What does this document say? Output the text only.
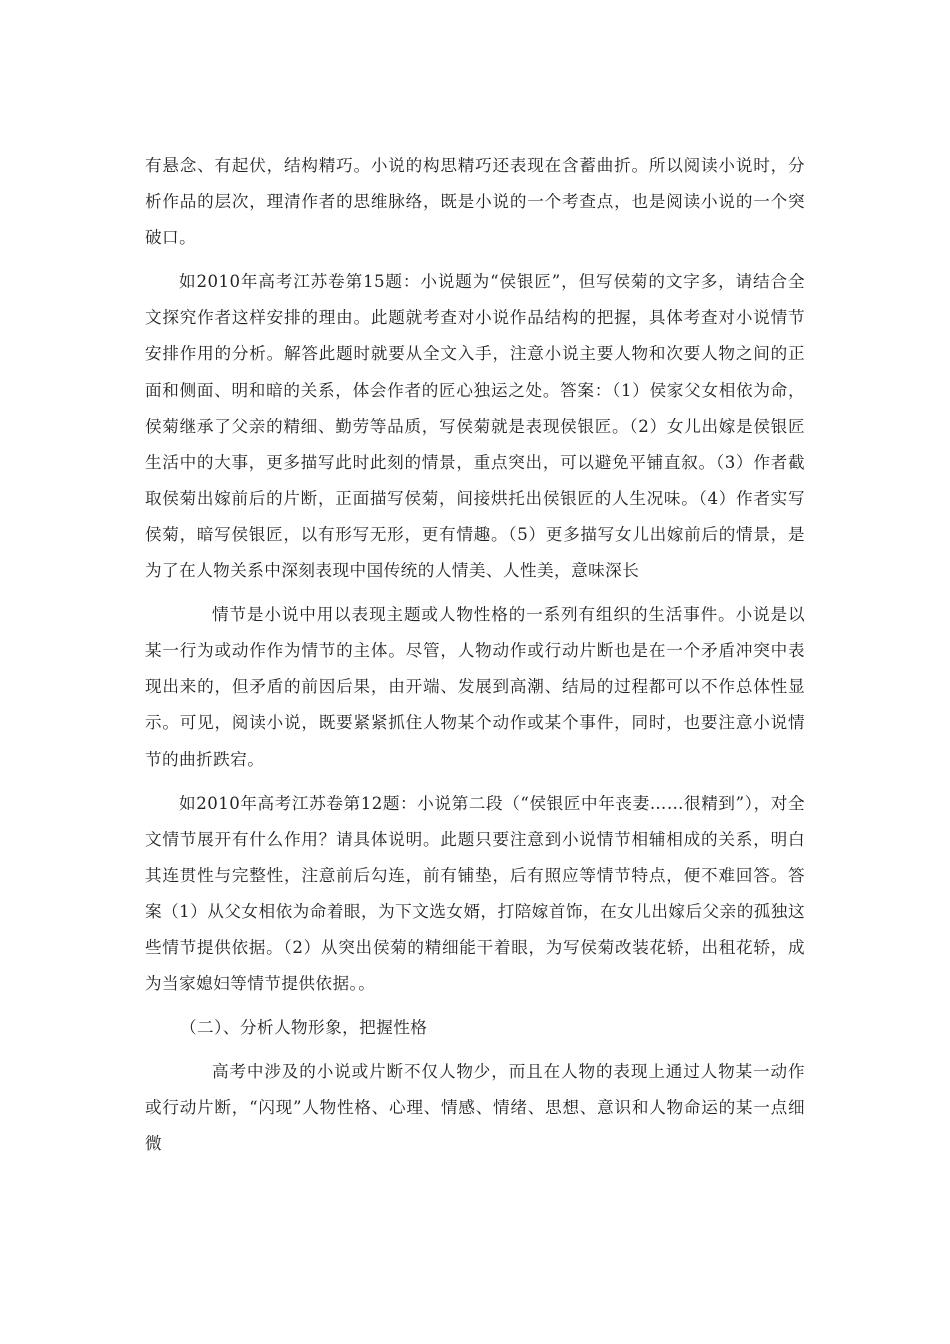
有悬念、有起伏，结构精巧。小说的构思精巧还表现在含蓄曲折。所以阅读小说时，分析作品的层次，理清作者的思维脉络，既是小说的一个考查点，也是阅读小说的一个突破口。

如2010年高考江苏卷第15题：小说题为“侯银匠”，但写侯菊的文字多，请结合全文探究作者这样安排的理由。此题就考查对小说作品结构的把握，具体考查对小说情节安排作用的分析。解答此题时就要从全文入手，注意小说主要人物和次要人物之间的正面和侧面、明和暗的关系，体会作者的匠心独运之处。答案：（1）侯家父女相依为命，侯菊继承了父亲的精细、勤劳等品质，写侯菊就是表现侯银匠。（2）女儿出嫁是侯银匠生活中的大事，更多描写此时此刻的情景，重点突出，可以避免平铺直叙。（3）作者截取侯菊出嫁前后的片断，正面描写侯菊，间接烘托出侯银匠的人生况味。（4）作者实写侯菊，暗写侯银匠，以有形写无形，更有情趣。（5）更多描写女儿出嫁前后的情景，是为了在人物关系中深刻表现中国传统的人情美、人性美，意味深长

情节是小说中用以表现主题或人物性格的一系列有组织的生活事件。小说是以某一行为或动作作为情节的主体。尽管，人物动作或行动片断也是在一个矛盾冲突中表现出来的，但矛盾的前因后果，由开端、发展到高潮、结局的过程都可以不作总体性显示。可见，阅读小说，既要紧紧抓住人物某个动作或某个事件，同时，也要注意小说情节的曲折跌宕。

如2010年高考江苏卷第12题：小说第二段（“侯银匠中年丧妻……很精到”），对全文情节展开有什么作用？请具体说明。此题只要注意到小说情节相辅相成的关系，明白其连贯性与完整性，注意前后勾连，前有铺垫，后有照应等情节特点，便不难回答。答案（1）从父女相依为命着眼，为下文选女婿，打陪嫁首饰，在女儿出嫁后父亲的孤独这些情节提供依据。（2）从突出侯菊的精细能干着眼，为写侯菊改装花轿，出租花轿，成为当家媳妇等情节提供依据。。

（二）、分析人物形象，把握性格

高考中涉及的小说或片断不仅人物少，而且在人物的表现上通过人物某一动作或行动片断，“闪现”人物性格、心理、情感、情绪、思想、意识和人物命运的某一点细微
